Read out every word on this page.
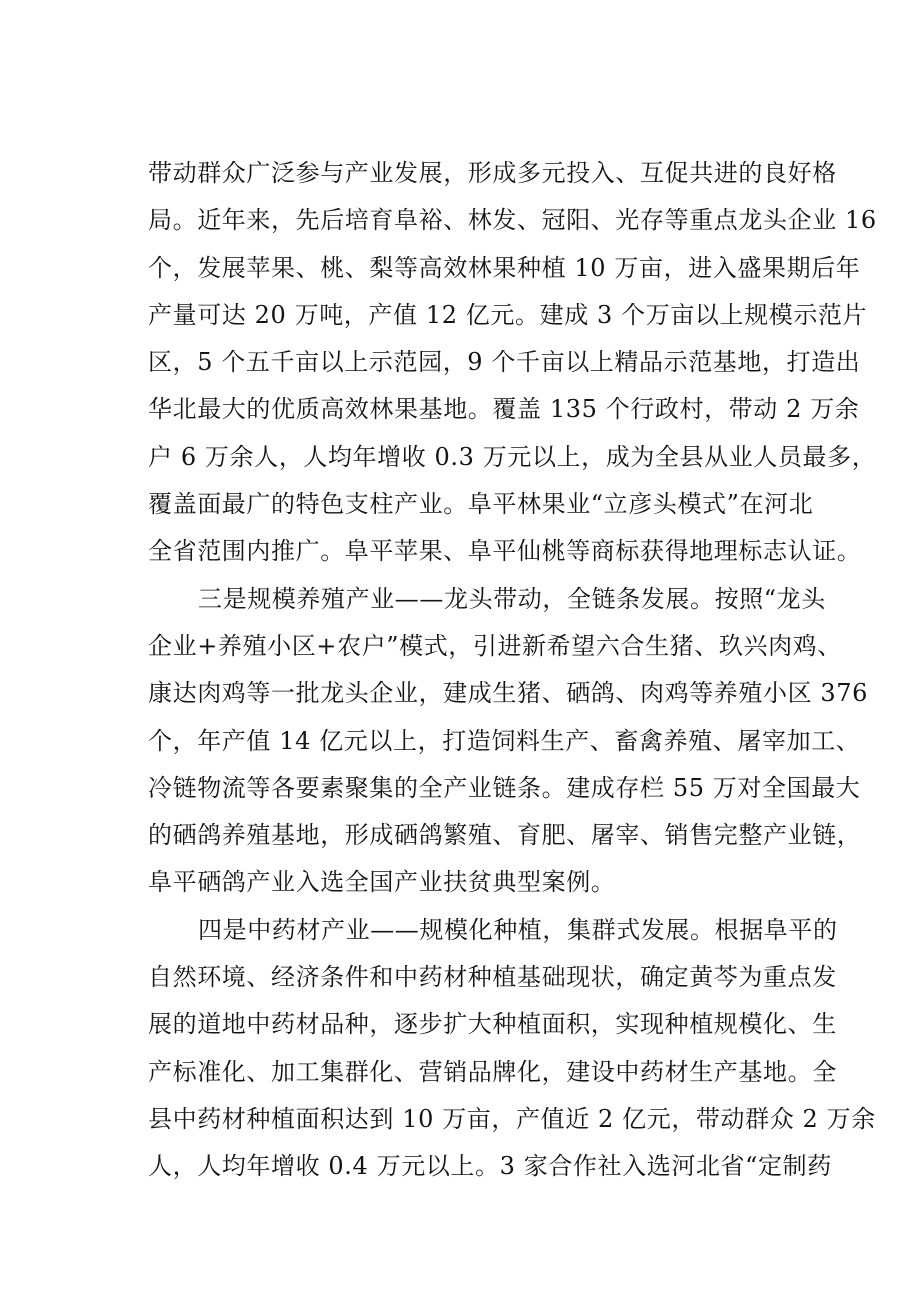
带动群众广泛参与产业发展，形成多元投入、互促共进的良好格
局。近年来，先后培育阜裕、林发、冠阳、光存等重点龙头企业 16
个，发展苹果、桃、梨等高效林果种植 10 万亩，进入盛果期后年
产量可达 20 万吨，产值 12 亿元。建成 3 个万亩以上规模示范片
区，5 个五千亩以上示范园，9 个千亩以上精品示范基地，打造出
华北最大的优质高效林果基地。覆盖 135 个行政村，带动 2 万余
户 6 万余人，人均年增收 0.3 万元以上，成为全县从业人员最多，
覆盖面最广的特色支柱产业。阜平林果业“立彦头模式”在河北
全省范围内推广。阜平苹果、阜平仙桃等商标获得地理标志认证。
三是规模养殖产业——龙头带动，全链条发展。按照“龙头
企业+养殖小区+农户”模式，引进新希望六合生猪、玖兴肉鸡、
康达肉鸡等一批龙头企业，建成生猪、硒鸽、肉鸡等养殖小区 376
个，年产值 14 亿元以上，打造饲料生产、畜禽养殖、屠宰加工、
冷链物流等各要素聚集的全产业链条。建成存栏 55 万对全国最大
的硒鸽养殖基地，形成硒鸽繁殖、育肥、屠宰、销售完整产业链，
阜平硒鸽产业入选全国产业扶贫典型案例。
四是中药材产业——规模化种植，集群式发展。根据阜平的
自然环境、经济条件和中药材种植基础现状，确定黄芩为重点发
展的道地中药材品种，逐步扩大种植面积，实现种植规模化、生
产标准化、加工集群化、营销品牌化，建设中药材生产基地。全
县中药材种植面积达到 10 万亩，产值近 2 亿元，带动群众 2 万余
人，人均年增收 0.4 万元以上。3 家合作社入选河北省“定制药
